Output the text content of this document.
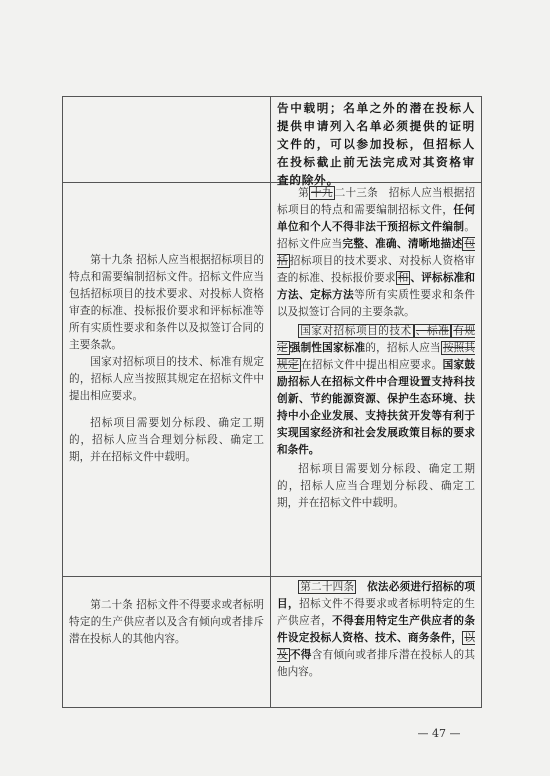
告中载明；名单之外的潜在投标人提供申请列入名单必须提供的证明文件的，可以参加投标，但招标人在投标截止前无法完成对其资格审查的除外。

第十九条 招标人应当根据招标项目的特点和需要编制招标文件。招标文件应当包括招标项目的技术要求、对投标人资格审查的标准、投标报价要求和评标标准等所有实质性要求和条件以及拟签订合同的主要条款。

国家对招标项目的技术、标准有规定的，招标人应当按照其规定在招标文件中提出相应要求。

招标项目需要划分标段、确定工期的，招标人应当合理划分标段、确定工期，并在招标文件中载明。

第 十九 二十三条　 招标人应当根据招标项目的特点和需要编制招标文件，任何单位和个人不得非法干预招标文件编制。招标文件应当完整、准确、清晰地描述 包括 招标项目的技术要求、对投标人资格审查的标准、投标报价要求 和 、评标标准和方法、定标方法等所有实质性要求和条件以及拟签订合同的主要条款。

国家对招标项目的技术 、标准 有规定 强制性国家标准的，招标人应当 按照其规定 在招标文件中提出相应要求。国家鼓励招标人在招标文件中合理设置支持科技创新、节约能源资源、保护生态环境、扶持中小企业发展、支持扶贫开发等有利于实现国家经济和社会发展政策目标的要求和条件。

招标项目需要划分标段、确定工期的，招标人应当合理划分标段、确定工期，并在招标文件中载明。

第二十条 招标文件不得要求或者标明特定的生产供应者以及含有倾向或者排斥潜在投标人的其他内容。

第二十四条　 依法必须进行招标的项目，招标文件不得要求或者标明特定的生产供应者，不得套用特定生产供应者的条件设定投标人资格、技术、商务条件， 以及 不得含有倾向或者排斥潜在投标人的其他内容。

— 47 —
